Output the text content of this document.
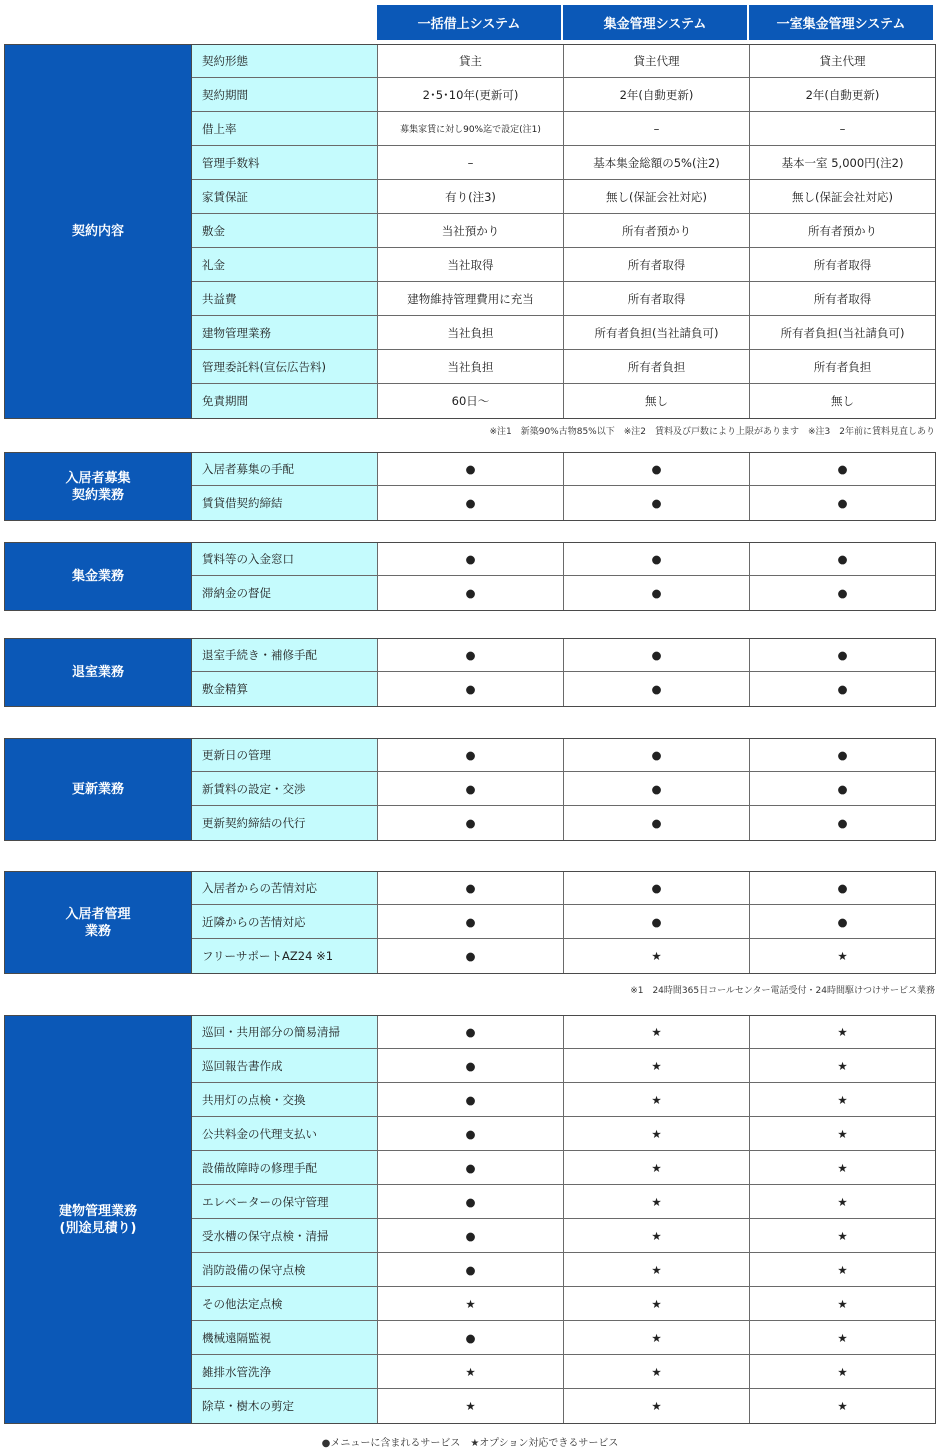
一括借上システム	集金管理システム	一室集金管理システム
契約内容
契約形態	貸主	貸主代理	貸主代理
契約期間	2･5･10年(更新可)	2年(自動更新)	2年(自動更新)
借上率	募集家賃に対し90%迄で設定(注1)	–	–
管理手数料	–	基本集金総額の5%(注2)	基本一室 5,000円(注2)
家賃保証	有り(注3)	無し(保証会社対応)	無し(保証会社対応)
敷金	当社預かり	所有者預かり	所有者預かり
礼金	当社取得	所有者取得	所有者取得
共益費	建物維持管理費用に充当	所有者取得	所有者取得
建物管理業務	当社負担	所有者負担(当社請負可)	所有者負担(当社請負可)
管理委託料(宣伝広告料)	当社負担	所有者負担	所有者負担
免責期間	60日〜	無し	無し
入居者募集
契約業務
入居者募集の手配	●	●	●
賃貸借契約締結	●	●	●
集金業務
賃料等の入金窓口	●	●	●
滞納金の督促	●	●	●
退室業務
退室手続き・補修手配	●	●	●
敷金精算	●	●	●
更新業務
更新日の管理	●	●	●
新賃料の設定・交渉	●	●	●
更新契約締結の代行	●	●	●
入居者管理
業務
入居者からの苦情対応	●	●	●
近隣からの苦情対応	●	●	●
フリーサポートAZ24 ※1	●	★	★
建物管理業務
(別途見積り)
巡回・共用部分の簡易清掃	●	★	★
巡回報告書作成	●	★	★
共用灯の点検・交換	●	★	★
公共料金の代理支払い	●	★	★
設備故障時の修理手配	●	★	★
エレベーターの保守管理	●	★	★
受水槽の保守点検・清掃	●	★	★
消防設備の保守点検	●	★	★
その他法定点検	★	★	★
機械遠隔監視	●	★	★
雑排水管洗浄	★	★	★
除草・樹木の剪定	★	★	★
※注1　新築90%古物85%以下　※注2　賃料及び戸数により上限があります　※注3　2年前に賃料見直しあり
※1　24時間365日コールセンター電話受付・24時間駆けつけサービス業務
●メニューに含まれるサービス　★オプション対応できるサービス
